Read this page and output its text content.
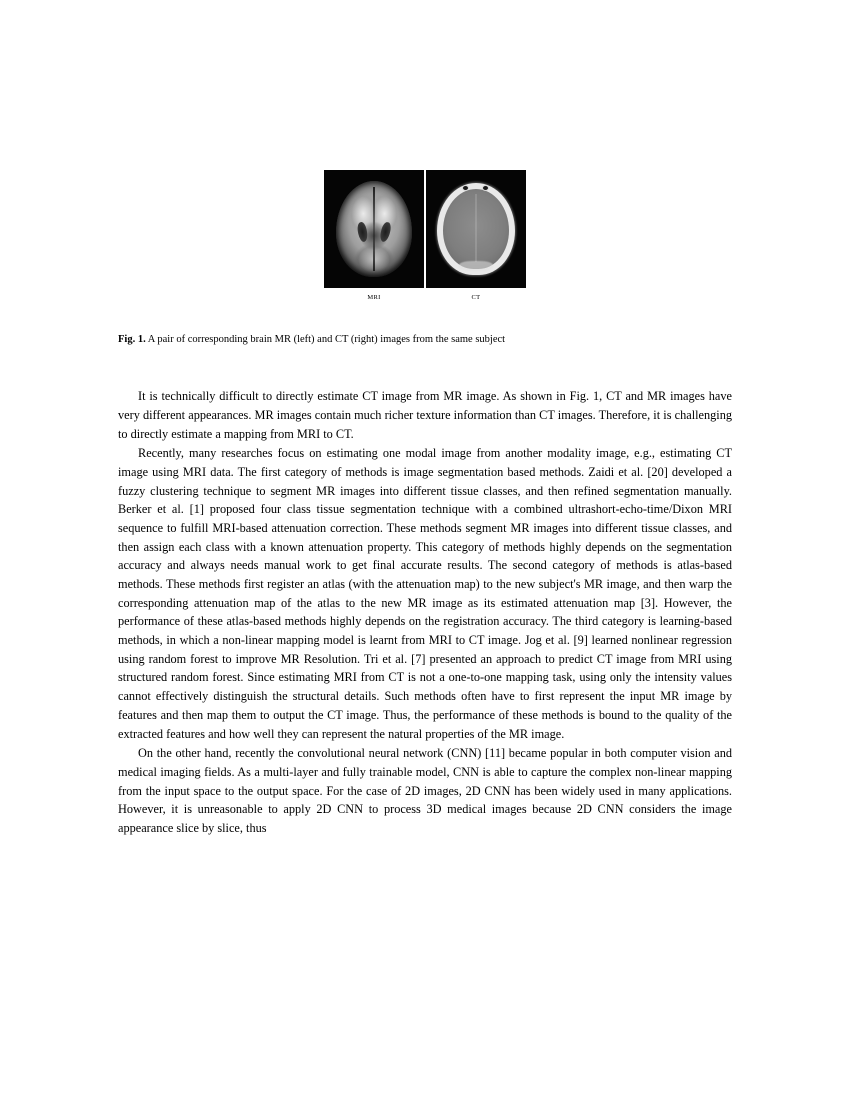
MRI	CT
Fig. 1. A pair of corresponding brain MR (left) and CT (right) images from the same subject

It is technically difficult to directly estimate CT image from MR image. As shown in Fig. 1, CT and MR images have very different appearances. MR images contain much richer texture information than CT images. Therefore, it is challenging to directly estimate a mapping from MRI to CT.

Recently, many researches focus on estimating one modal image from another modality image, e.g., estimating CT image using MRI data. The first category of methods is image segmentation based methods. Zaidi et al. [20] developed a fuzzy clustering technique to segment MR images into different tissue classes, and then refined segmentation manually. Berker et al. [1] proposed four class tissue segmentation technique with a combined ultrashort-echo-time/Dixon MRI sequence to fulfill MRI-based attenuation correction. These methods segment MR images into different tissue classes, and then assign each class with a known attenuation property. This category of methods highly depends on the segmentation accuracy and always needs manual work to get final accurate results. The second category of methods is atlas-based methods. These methods first register an atlas (with the attenuation map) to the new subject's MR image, and then warp the corresponding attenuation map of the atlas to the new MR image as its estimated attenuation map [3]. However, the performance of these atlas-based methods highly depends on the registration accuracy. The third category is learning-based methods, in which a non-linear mapping model is learnt from MRI to CT image. Jog et al. [9] learned nonlinear regression using random forest to improve MR Resolution. Tri et al. [7] presented an approach to predict CT image from MRI using structured random forest. Since estimating MRI from CT is not a one-to-one mapping task, using only the intensity values cannot effectively distinguish the structural details. Such methods often have to first represent the input MR image by features and then map them to output the CT image. Thus, the performance of these methods is bound to the quality of the extracted features and how well they can represent the natural properties of the MR image.

On the other hand, recently the convolutional neural network (CNN) [11] became popular in both computer vision and medical imaging fields. As a multi-layer and fully trainable model, CNN is able to capture the complex non-linear mapping from the input space to the output space. For the case of 2D images, 2D CNN has been widely used in many applications. However, it is unreasonable to apply 2D CNN to process 3D medical images because 2D CNN considers the image appearance slice by slice, thus
